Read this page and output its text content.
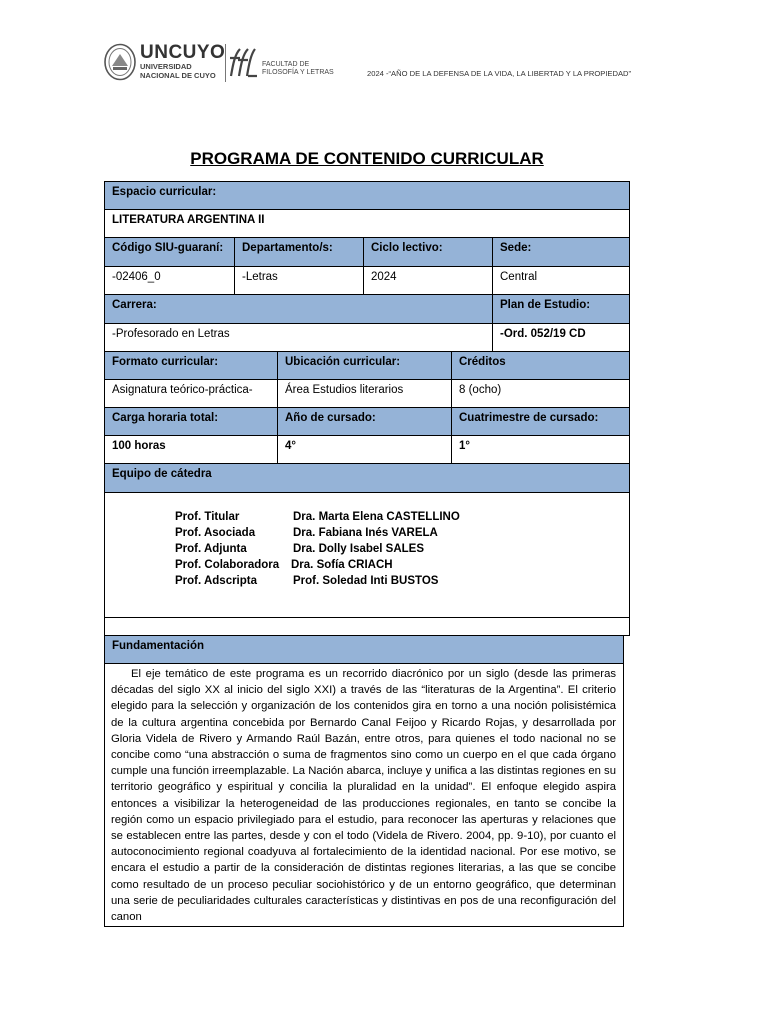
UNCUYO
UNIVERSIDAD
NACIONAL DE CUYO
FACULTAD DE
FILOSOFÍA Y LETRAS	2024 -“AÑO DE LA DEFENSA DE LA VIDA, LA LIBERTAD Y LA PROPIEDAD”
PROGRAMA DE CONTENIDO CURRICULAR
Espacio curricular:
LITERATURA ARGENTINA II
Código SIU-guaraní:	Departamento/s:	Ciclo lectivo:	Sede:
-02406_0	-Letras	2024	Central
Carrera:	Plan de Estudio:
-Profesorado en Letras	-Ord. 052/19 CD
Formato curricular:	Ubicación curricular:	Créditos
Asignatura teórico-práctica-	Área Estudios literarios	8 (ocho)
Carga horaria total:	Año de cursado:	Cuatrimestre de cursado:
100 horas	4°	1°
Equipo de cátedra
Prof. Titular	Dra. Marta Elena CASTELLINO
Prof. Asociada	Dra. Fabiana Inés VARELA
Prof. Adjunta	Dra. Dolly Isabel SALES
Prof. Colaboradora Dra. Sofía CRIACH
Prof. Adscripta	Prof. Soledad Inti BUSTOS
Fundamentación
El eje temático de este programa es un recorrido diacrónico por un siglo (desde las primeras décadas del siglo XX al inicio del siglo XXI) a través de las “literaturas de la Argentina”. El criterio elegido para la selección y organización de los contenidos gira en torno a una noción polisistémica de la cultura argentina concebida por Bernardo Canal Feijoo y Ricardo Rojas, y desarrollada por Gloria Videla de Rivero y Armando Raúl Bazán, entre otros, para quienes el todo nacional no se concibe como “una abstracción o suma de fragmentos sino como un cuerpo en el que cada órgano cumple una función irreemplazable. La Nación abarca, incluye y unifica a las distintas regiones en su territorio geográfico y espiritual y concilia la pluralidad en la unidad”. El enfoque elegido aspira entonces a visibilizar la heterogeneidad de las producciones regionales, en tanto se concibe la región como un espacio privilegiado para el estudio, para reconocer las aperturas y relaciones que se establecen entre las partes, desde y con el todo (Videla de Rivero. 2004, pp. 9-10), por cuanto el autoconocimiento regional coadyuva al fortalecimiento de la identidad nacional. Por ese motivo, se encara el estudio a partir de la consideración de distintas regiones literarias, a las que se concibe como resultado de un proceso peculiar sociohistórico y de un entorno geográfico, que determinan una serie de peculiaridades culturales características y distintivas en pos de una reconfiguración del canon
